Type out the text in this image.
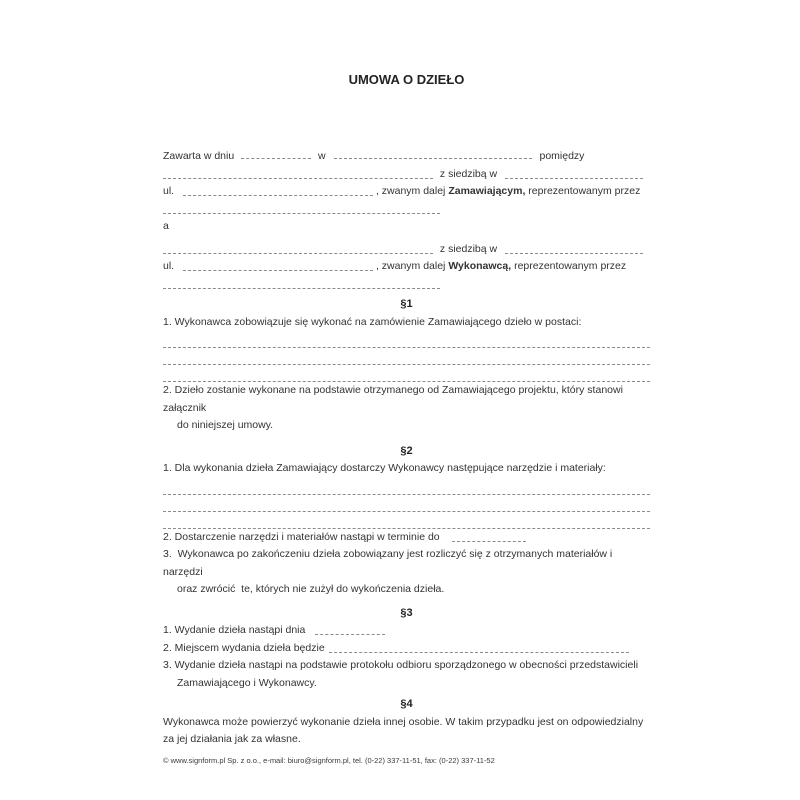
UMOWA O DZIEŁO
Zawarta w dniu	w	pomiędzy
z siedzibą w
ul.	, zwanym dalej Zamawiającym, reprezentowanym przez
a
z siedzibą w
ul.	, zwanym dalej Wykonawcą, reprezentowanym przez
§1
1. Wykonawca zobowiązuje się wykonać na zamówienie Zamawiającego dzieło w postaci:
2. Dzieło zostanie wykonane na podstawie otrzymanego od Zamawiającego projektu, który stanowi załącznik
do niniejszej umowy.
§2
1. Dla wykonania dzieła Zamawiający dostarczy Wykonawcy następujące narzędzie i materiały:
2. Dostarczenie narzędzi i materiałów nastąpi w terminie do
3.  Wykonawca po zakończeniu dzieła zobowiązany jest rozliczyć się z otrzymanych materiałów i narzędzi
oraz zwrócić  te, których nie zużył do wykończenia dzieła.
§3
1. Wydanie dzieła nastąpi dnia
2. Miejscem wydania dzieła będzie
3. Wydanie dzieła nastąpi na podstawie protokołu odbioru sporządzonego w obecności przedstawicieli
Zamawiającego i Wykonawcy.
§4
Wykonawca może powierzyć wykonanie dzieła innej osobie. W takim przypadku jest on odpowiedzialny
za jej działania jak za własne.
© www.signform.pl Sp. z o.o., e-mail: biuro@signform.pl, tel. (0-22) 337-11-51, fax: (0-22) 337-11-52
